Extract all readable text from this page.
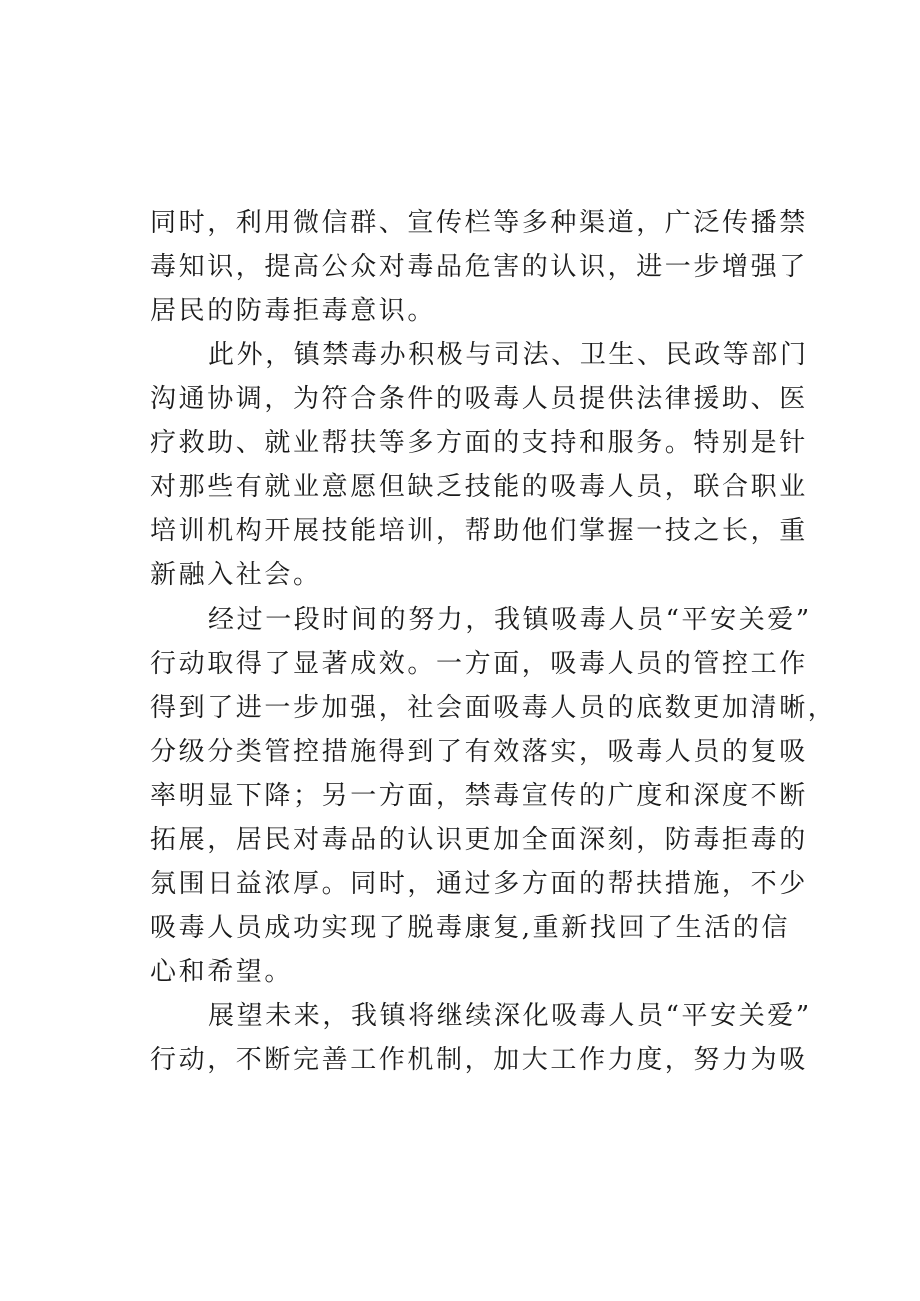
同时，利用微信群、宣传栏等多种渠道，广泛传播禁
毒知识，提高公众对毒品危害的认识，进一步增强了
居民的防毒拒毒意识。
此外，镇禁毒办积极与司法、卫生、民政等部门
沟通协调，为符合条件的吸毒人员提供法律援助、医
疗救助、就业帮扶等多方面的支持和服务。特别是针
对那些有就业意愿但缺乏技能的吸毒人员，联合职业
培训机构开展技能培训，帮助他们掌握一技之长，重
新融入社会。
经过一段时间的努力，我镇吸毒人员“平安关爱”
行动取得了显著成效。一方面，吸毒人员的管控工作
得到了进一步加强，社会面吸毒人员的底数更加清晰，
分级分类管控措施得到了有效落实，吸毒人员的复吸
率明显下降；另一方面，禁毒宣传的广度和深度不断
拓展，居民对毒品的认识更加全面深刻，防毒拒毒的
氛围日益浓厚。同时，通过多方面的帮扶措施，不少
吸毒人员成功实现了脱毒康复,重新找回了生活的信
心和希望。
展望未来，我镇将继续深化吸毒人员“平安关爱”
行动，不断完善工作机制，加大工作力度，努力为吸
